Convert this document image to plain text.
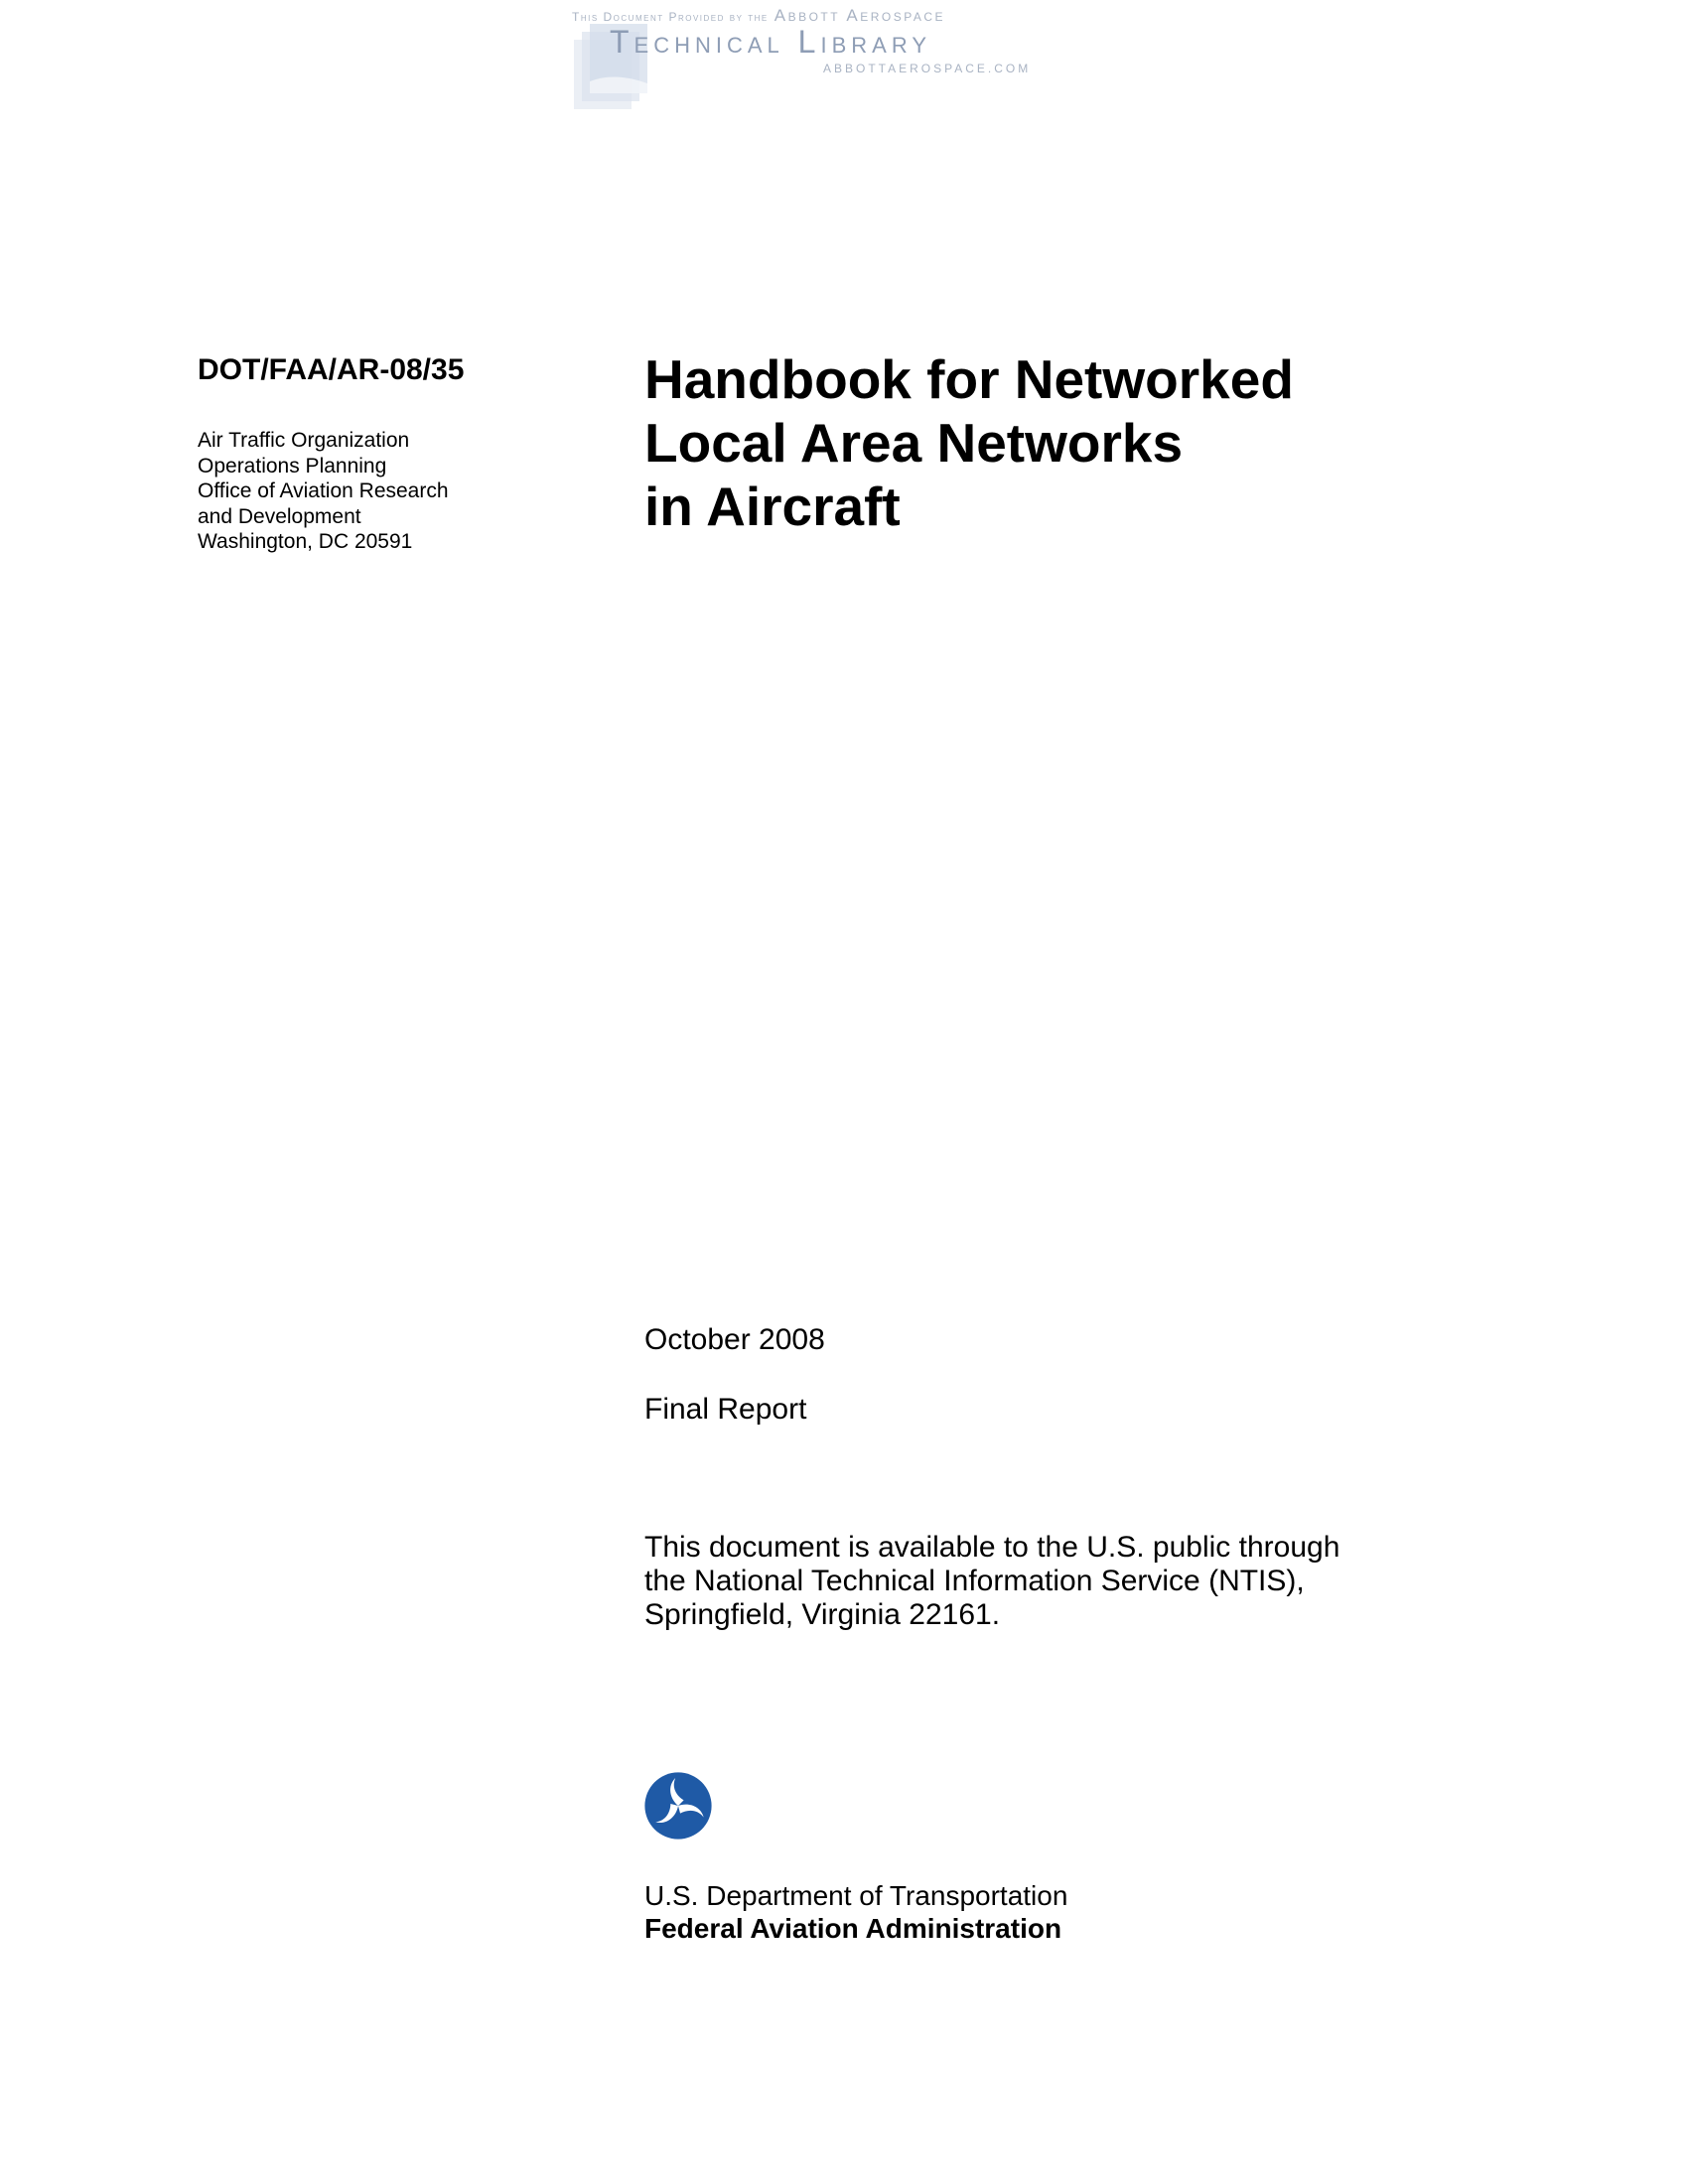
This Document Provided by the Abbott Aerospace
Technical Library
ABBOTTAEROSPACE.COM
DOT/FAA/AR-08/35
Air Traffic Organization
Operations Planning
Office of Aviation Research
and Development
Washington, DC 20591
Handbook for Networked
Local Area Networks
in Aircraft
October 2008
Final Report
This document is available to the U.S. public through
the National Technical Information Service (NTIS),
Springfield, Virginia 22161.
U.S. Department of Transportation
Federal Aviation Administration
